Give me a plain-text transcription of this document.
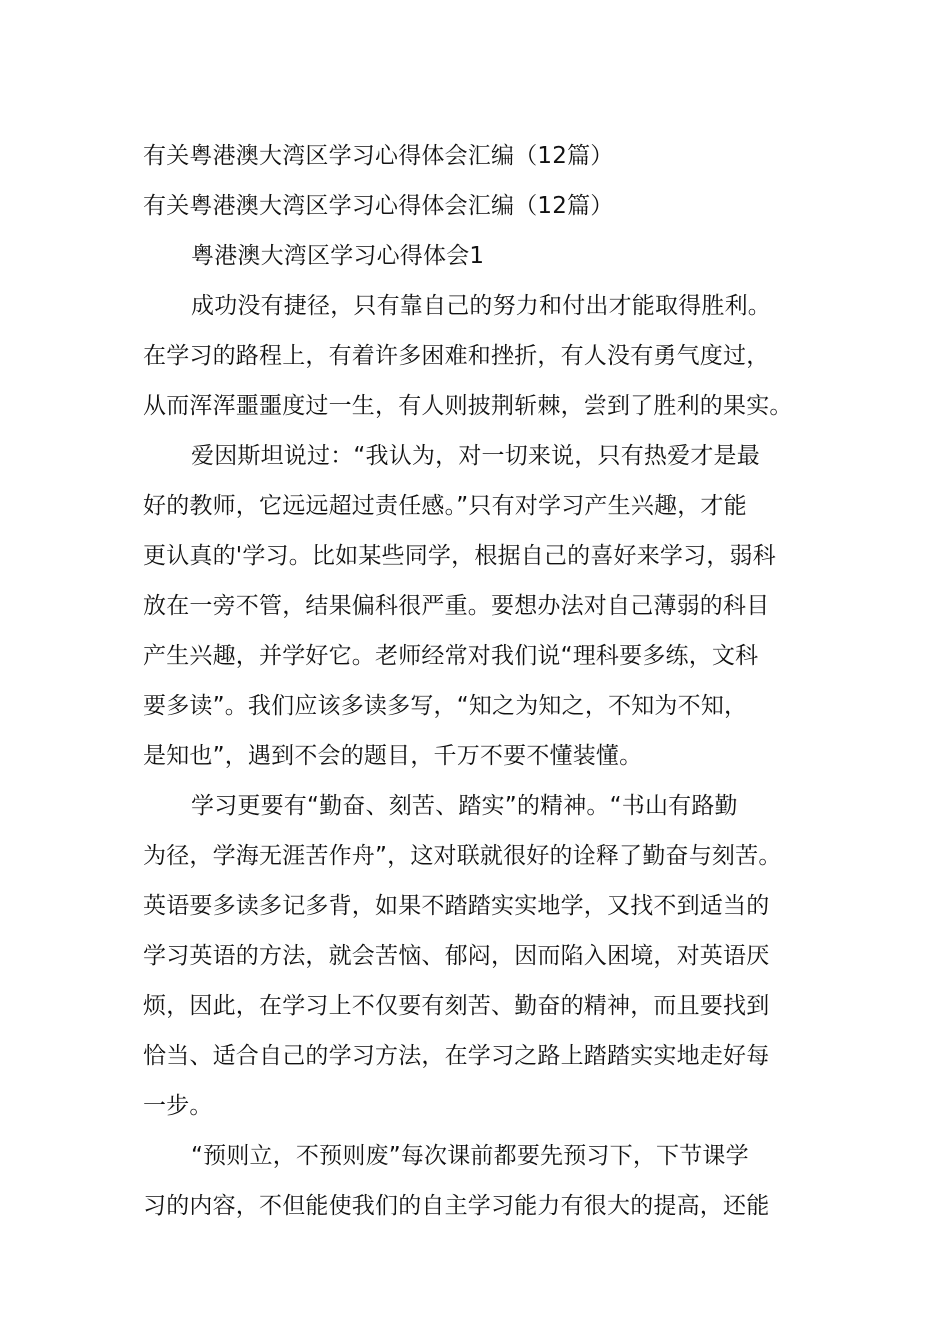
有关粤港澳大湾区学习心得体会汇编（12篇）
有关粤港澳大湾区学习心得体会汇编（12篇）
粤港澳大湾区学习心得体会1
成功没有捷径，只有靠自己的努力和付出才能取得胜利。
在学习的路程上，有着许多困难和挫折，有人没有勇气度过，
从而浑浑噩噩度过一生，有人则披荆斩棘，尝到了胜利的果实。
爱因斯坦说过：“我认为，对一切来说，只有热爱才是最
好的教师，它远远超过责任感。”只有对学习产生兴趣，才能
更认真的'学习。比如某些同学，根据自己的喜好来学习，弱科
放在一旁不管，结果偏科很严重。要想办法对自己薄弱的科目
产生兴趣，并学好它。老师经常对我们说“理科要多练，文科
要多读”。我们应该多读多写，“知之为知之，不知为不知，
是知也”，遇到不会的题目，千万不要不懂装懂。
学习更要有“勤奋、刻苦、踏实”的精神。“书山有路勤
为径，学海无涯苦作舟”，这对联就很好的诠释了勤奋与刻苦。
英语要多读多记多背，如果不踏踏实实地学，又找不到适当的
学习英语的方法，就会苦恼、郁闷，因而陷入困境，对英语厌
烦，因此，在学习上不仅要有刻苦、勤奋的精神，而且要找到
恰当、适合自己的学习方法，在学习之路上踏踏实实地走好每
一步。
“预则立，不预则废”每次课前都要先预习下，下节课学
习的内容，不但能使我们的自主学习能力有很大的提高，还能
